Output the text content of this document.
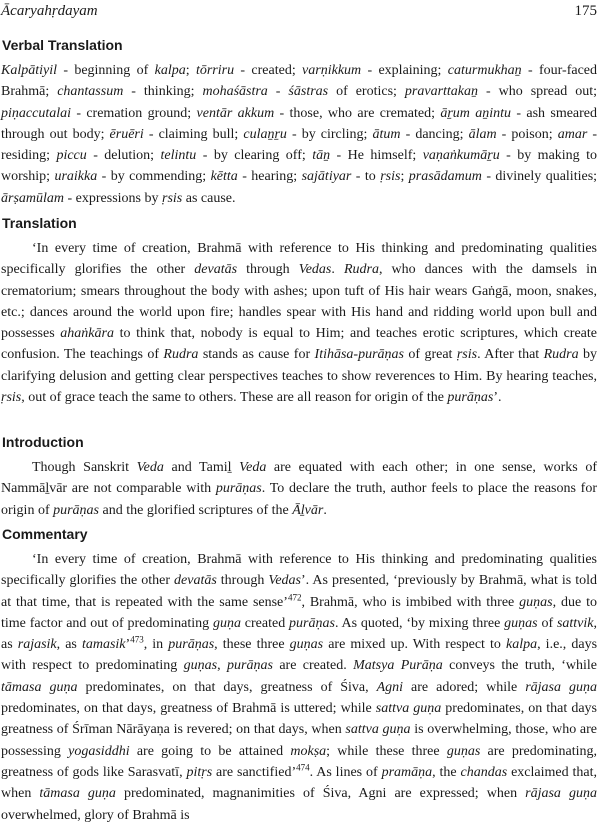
Ācaryahṛdayam	175
Verbal Translation

Kalpātiyil - beginning of kalpa; tōrriru - created; varṇikkum - explaining; caturmukhaṉ - four-faced Brahmā; chantassum - thinking; mohaśāstra - śāstras of erotics; pravarttakaṉ - who spread out; piṇaccutalai - cremation ground; ventār akkum - those, who are cremated; āṟum aṉintu - ash smeared through out body; ēruēri - claiming bull; culaṉṟu - by circling; ātum - dancing; ālam - poison; amar - residing; piccu - delution; telintu - by clearing off; tāṉ - He himself; vaṇaṅkumāṟu - by making to worship; uraikka - by commending; kētta - hearing; sajātiyar - to ṛsis; prasādamum - divinely qualities; ārṣamūlam - expressions by ṛsis as cause.

Translation

‘In every time of creation, Brahmā with reference to His thinking and predominating qualities specifically glorifies the other devatās through Vedas. Rudra, who dances with the damsels in crematorium; smears throughout the body with ashes; upon tuft of His hair wears Gaṅgā, moon, snakes, etc.; dances around the world upon fire; handles spear with His hand and ridding world upon bull and possesses ahaṅkāra to think that, nobody is equal to Him; and teaches erotic scriptures, which create confusion. The teachings of Rudra stands as cause for Itihāsa-purāṇas of great ṛsis. After that Rudra by clarifying delusion and getting clear perspectives teaches to show reverences to Him. By hearing teaches, ṛsis, out of grace teach the same to others. These are all reason for origin of the purāṇas’.

Introduction

Though Sanskrit Veda and Tamiḻ Veda are equated with each other; in one sense, works of Nammāḻvār are not comparable with purāṇas. To declare the truth, author feels to place the reasons for origin of purāṇas and the glorified scriptures of the Āḻvār.

Commentary

‘In every time of creation, Brahmā with reference to His thinking and predominating qualities specifically glorifies the other devatās through Vedas’. As presented, ‘previously by Brahmā, what is told at that time, that is repeated with the same sense’$^{472}$, Brahmā, who is imbibed with three guṇas, due to time factor and out of predominating guṇa created purāṇas. As quoted, ‘by mixing three guṇas of sattvik, as rajasik, as tamasik’$^{473}$, in purāṇas, these three guṇas are mixed up. With respect to kalpa, i.e., days with respect to predominating guṇas, purāṇas are created. Matsya Purāṇa conveys the truth, ‘while tāmasa guṇa predominates, on that days, greatness of Śiva, Agni are adored; while rājasa guṇa predominates, on that days, greatness of Brahmā is uttered; while sattva guṇa predominates, on that days greatness of Śrīman Nārāyaṇa is revered; on that days, when sattva guṇa is overwhelming, those, who are possessing yogasiddhi are going to be attained mokṣa; while these three guṇas are predominating, greatness of gods like Sarasvatī, pitṛs are sanctified’$^{474}$. As lines of pramāṇa, the chandas exclaimed that, when tāmasa guṇa predominated, magnanimities of Śiva, Agni are expressed; when rājasa guṇa overwhelmed, glory of Brahmā is
